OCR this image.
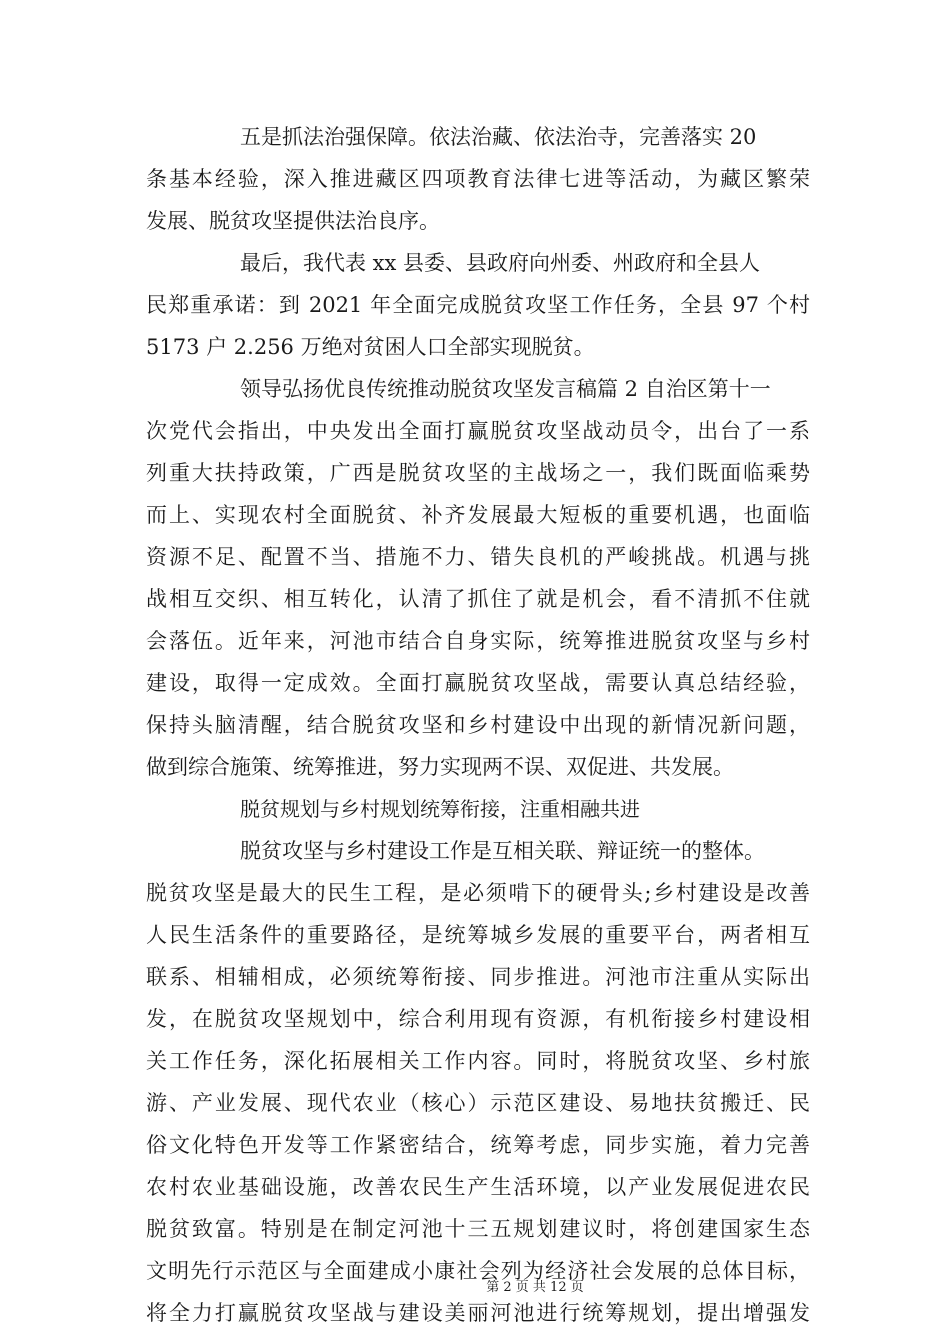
五是抓法治强保障。依法治藏、依法治寺，完善落实 20
条基本经验，深入推进藏区四项教育法律七进等活动，为藏区繁荣
发展、脱贫攻坚提供法治良序。
最后，我代表 xx 县委、县政府向州委、州政府和全县人
民郑重承诺：到 2021 年全面完成脱贫攻坚工作任务，全县 97 个村
5173 户 2.256 万绝对贫困人口全部实现脱贫。
领导弘扬优良传统推动脱贫攻坚发言稿篇 2 自治区第十一
次党代会指出，中央发出全面打赢脱贫攻坚战动员令，出台了一系
列重大扶持政策，广西是脱贫攻坚的主战场之一，我们既面临乘势
而上、实现农村全面脱贫、补齐发展最大短板的重要机遇，也面临
资源不足、配置不当、措施不力、错失良机的严峻挑战。机遇与挑
战相互交织、相互转化，认清了抓住了就是机会，看不清抓不住就
会落伍。近年来，河池市结合自身实际，统筹推进脱贫攻坚与乡村
建设，取得一定成效。全面打赢脱贫攻坚战，需要认真总结经验，
保持头脑清醒，结合脱贫攻坚和乡村建设中出现的新情况新问题，
做到综合施策、统筹推进，努力实现两不误、双促进、共发展。
脱贫规划与乡村规划统筹衔接，注重相融共进
脱贫攻坚与乡村建设工作是互相关联、辩证统一的整体。
脱贫攻坚是最大的民生工程，是必须啃下的硬骨头;乡村建设是改善
人民生活条件的重要路径，是统筹城乡发展的重要平台，两者相互
联系、相辅相成，必须统筹衔接、同步推进。河池市注重从实际出
发，在脱贫攻坚规划中，综合利用现有资源，有机衔接乡村建设相
关工作任务，深化拓展相关工作内容。同时，将脱贫攻坚、乡村旅
游、产业发展、现代农业（核心）示范区建设、易地扶贫搬迁、民
俗文化特色开发等工作紧密结合，统筹考虑，同步实施，着力完善
农村农业基础设施，改善农民生产生活环境，以产业发展促进农民
脱贫致富。特别是在制定河池十三五规划建议时，将创建国家生态
文明先行示范区与全面建成小康社会列为经济社会发展的总体目标，
将全力打赢脱贫攻坚战与建设美丽河池进行统筹规划，提出增强发
第 2 页 共 12 页
